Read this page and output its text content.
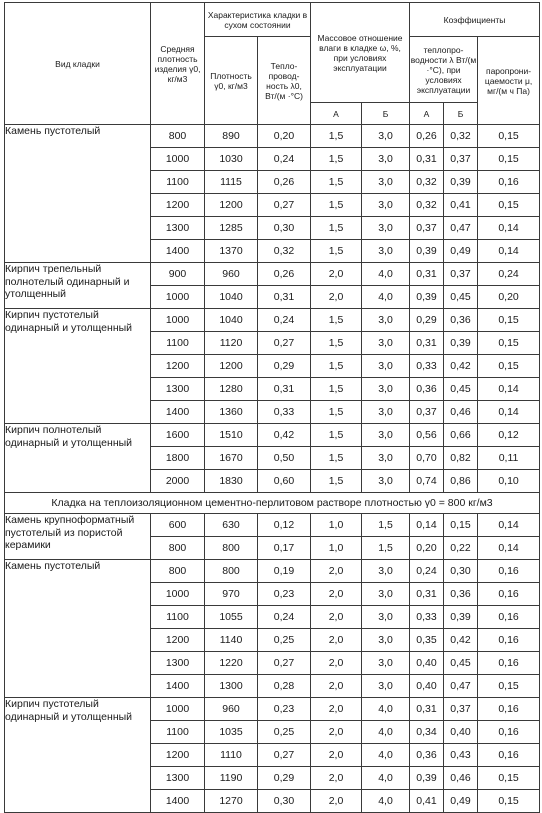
Вид кладки	Средняя плотность изделия γ0, кг/м3	Характеристика кладки в сухом состоянии		Массовое отношение влаги в кладке ω, %, при условиях эксплуатации		Коэффициенты		
		Плотность γ0, кг/м3	Тепло-провод-ность λ0, Вт/(м ·°С)			теплопро-водности λ Вт/(м ·°С), при условиях эксплуатации		паропрони-цаемости μ, мг/(м ч Па)
				А	Б	А	Б	
Камень пустотелый	800	890	0,20	1,5	3,0	0,26	0,32	0,15
	1000	1030	0,24	1,5	3,0	0,31	0,37	0,15
	1100	1115	0,26	1,5	3,0	0,32	0,39	0,16
	1200	1200	0,27	1,5	3,0	0,32	0,41	0,15
	1300	1285	0,30	1,5	3,0	0,37	0,47	0,14
	1400	1370	0,32	1,5	3,0	0,39	0,49	0,14
Кирпич трепельный полнотелый одинарный и утолщенный	900	960	0,26	2,0	4,0	0,31	0,37	0,24
	1000	1040	0,31	2,0	4,0	0,39	0,45	0,20
Кирпич пустотелый одинарный и утолщенный	1000	1040	0,24	1,5	3,0	0,29	0,36	0,15
	1100	1120	0,27	1,5	3,0	0,31	0,39	0,15
	1200	1200	0,29	1,5	3,0	0,33	0,42	0,15
	1300	1280	0,31	1,5	3,0	0,36	0,45	0,14
	1400	1360	0,33	1,5	3,0	0,37	0,46	0,14
Кирпич полнотелый одинарный и утолщенный	1600	1510	0,42	1,5	3,0	0,56	0,66	0,12
	1800	1670	0,50	1,5	3,0	0,70	0,82	0,11
	2000	1830	0,60	1,5	3,0	0,74	0,86	0,10
Кладка на теплоизоляционном цементно-перлитовом растворе плотностью γ0 = 800 кг/м3								
Камень крупноформатный пустотелый из пористой керамики	600	630	0,12	1,0	1,5	0,14	0,15	0,14
	800	800	0,17	1,0	1,5	0,20	0,22	0,14
Камень пустотелый	800	800	0,19	2,0	3,0	0,24	0,30	0,16
	1000	970	0,23	2,0	3,0	0,31	0,36	0,16
	1100	1055	0,24	2,0	3,0	0,33	0,39	0,16
	1200	1140	0,25	2,0	3,0	0,35	0,42	0,16
	1300	1220	0,27	2,0	3,0	0,40	0,45	0,16
	1400	1300	0,28	2,0	3,0	0,40	0,47	0,15
Кирпич пустотелый одинарный и утолщенный	1000	960	0,23	2,0	4,0	0,31	0,37	0,16
	1100	1035	0,25	2,0	4,0	0,34	0,40	0,16
	1200	1110	0,27	2,0	4,0	0,36	0,43	0,16
	1300	1190	0,29	2,0	4,0	0,39	0,46	0,15
	1400	1270	0,30	2,0	4,0	0,41	0,49	0,15
